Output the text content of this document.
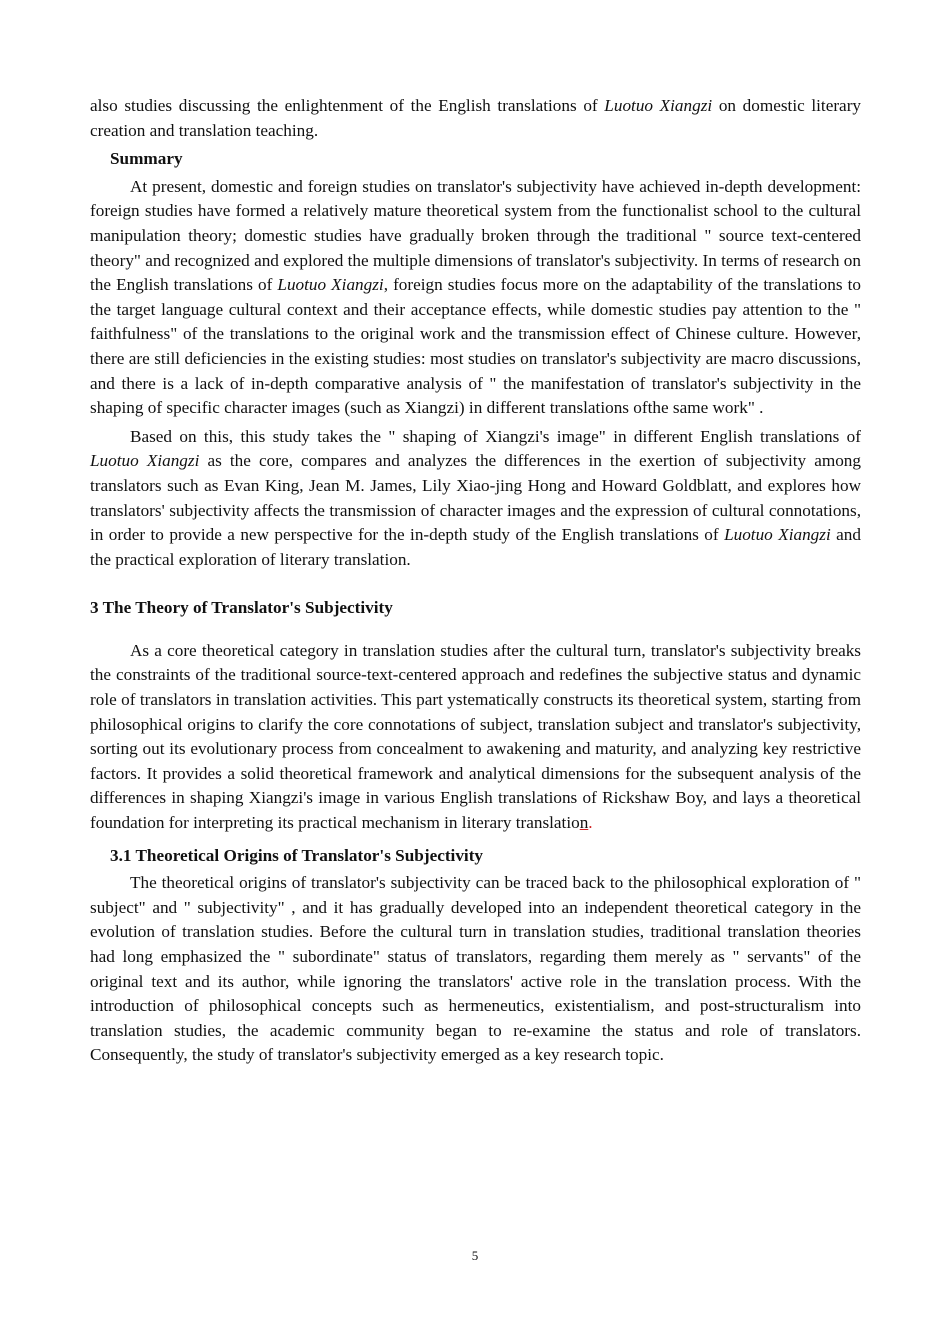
also studies discussing the enlightenment of the English translations of Luotuo Xiangzi on domestic literary creation and translation teaching.

Summary

At present, domestic and foreign studies on translator's subjectivity have achieved in-depth development: foreign studies have formed a relatively mature theoretical system from the functionalist school to the cultural manipulation theory; domestic studies have gradually broken through the traditional " source text-centered theory" and recognized and explored the multiple dimensions of translator's subjectivity. In terms of research on the English translations of Luotuo Xiangzi, foreign studies focus more on the adaptability of the translations to the target language cultural context and their acceptance effects, while domestic studies pay attention to the " faithfulness" of the translations to the original work and the transmission effect of Chinese culture. However, there are still deficiencies in the existing studies: most studies on translator's subjectivity are macro discussions, and there is a lack of in-depth comparative analysis of " the manifestation of translator's subjectivity in the shaping of specific character images (such as Xiangzi) in different translations ofthe same work" .

Based on this, this study takes the " shaping of Xiangzi's image" in different English translations of Luotuo Xiangzi as the core, compares and analyzes the differences in the exertion of subjectivity among translators such as Evan King, Jean M. James, Lily Xiao-jing Hong and Howard Goldblatt, and explores how translators' subjectivity affects the transmission of character images and the expression of cultural connotations, in order to provide a new perspective for the in-depth study of the English translations of Luotuo Xiangzi and the practical exploration of literary translation.

3 The Theory of Translator's Subjectivity

As a core theoretical category in translation studies after the cultural turn, translator's subjectivity breaks the constraints of the traditional source-text-centered approach and redefines the subjective status and dynamic role of translators in translation activities. This part ystematically constructs its theoretical system, starting from philosophical origins to clarify the core connotations of subject, translation subject and translator's subjectivity, sorting out its evolutionary process from concealment to awakening and maturity, and analyzing key restrictive factors. It provides a solid theoretical framework and analytical dimensions for the subsequent analysis of the differences in shaping Xiangzi's image in various English translations of Rickshaw Boy, and lays a theoretical foundation for interpreting its practical mechanism in literary translation.

3.1 Theoretical Origins of Translator's Subjectivity

The theoretical origins of translator's subjectivity can be traced back to the philosophical exploration of " subject" and " subjectivity" , and it has gradually developed into an independent theoretical category in the evolution of translation studies. Before the cultural turn in translation studies, traditional translation theories had long emphasized the " subordinate" status of translators, regarding them merely as " servants" of the original text and its author, while ignoring the translators' active role in the translation process. With the introduction of philosophical concepts such as hermeneutics, existentialism, and post-structuralism into translation studies, the academic community began to re-examine the status and role of translators. Consequently, the study of translator's subjectivity emerged as a key research topic.

5
